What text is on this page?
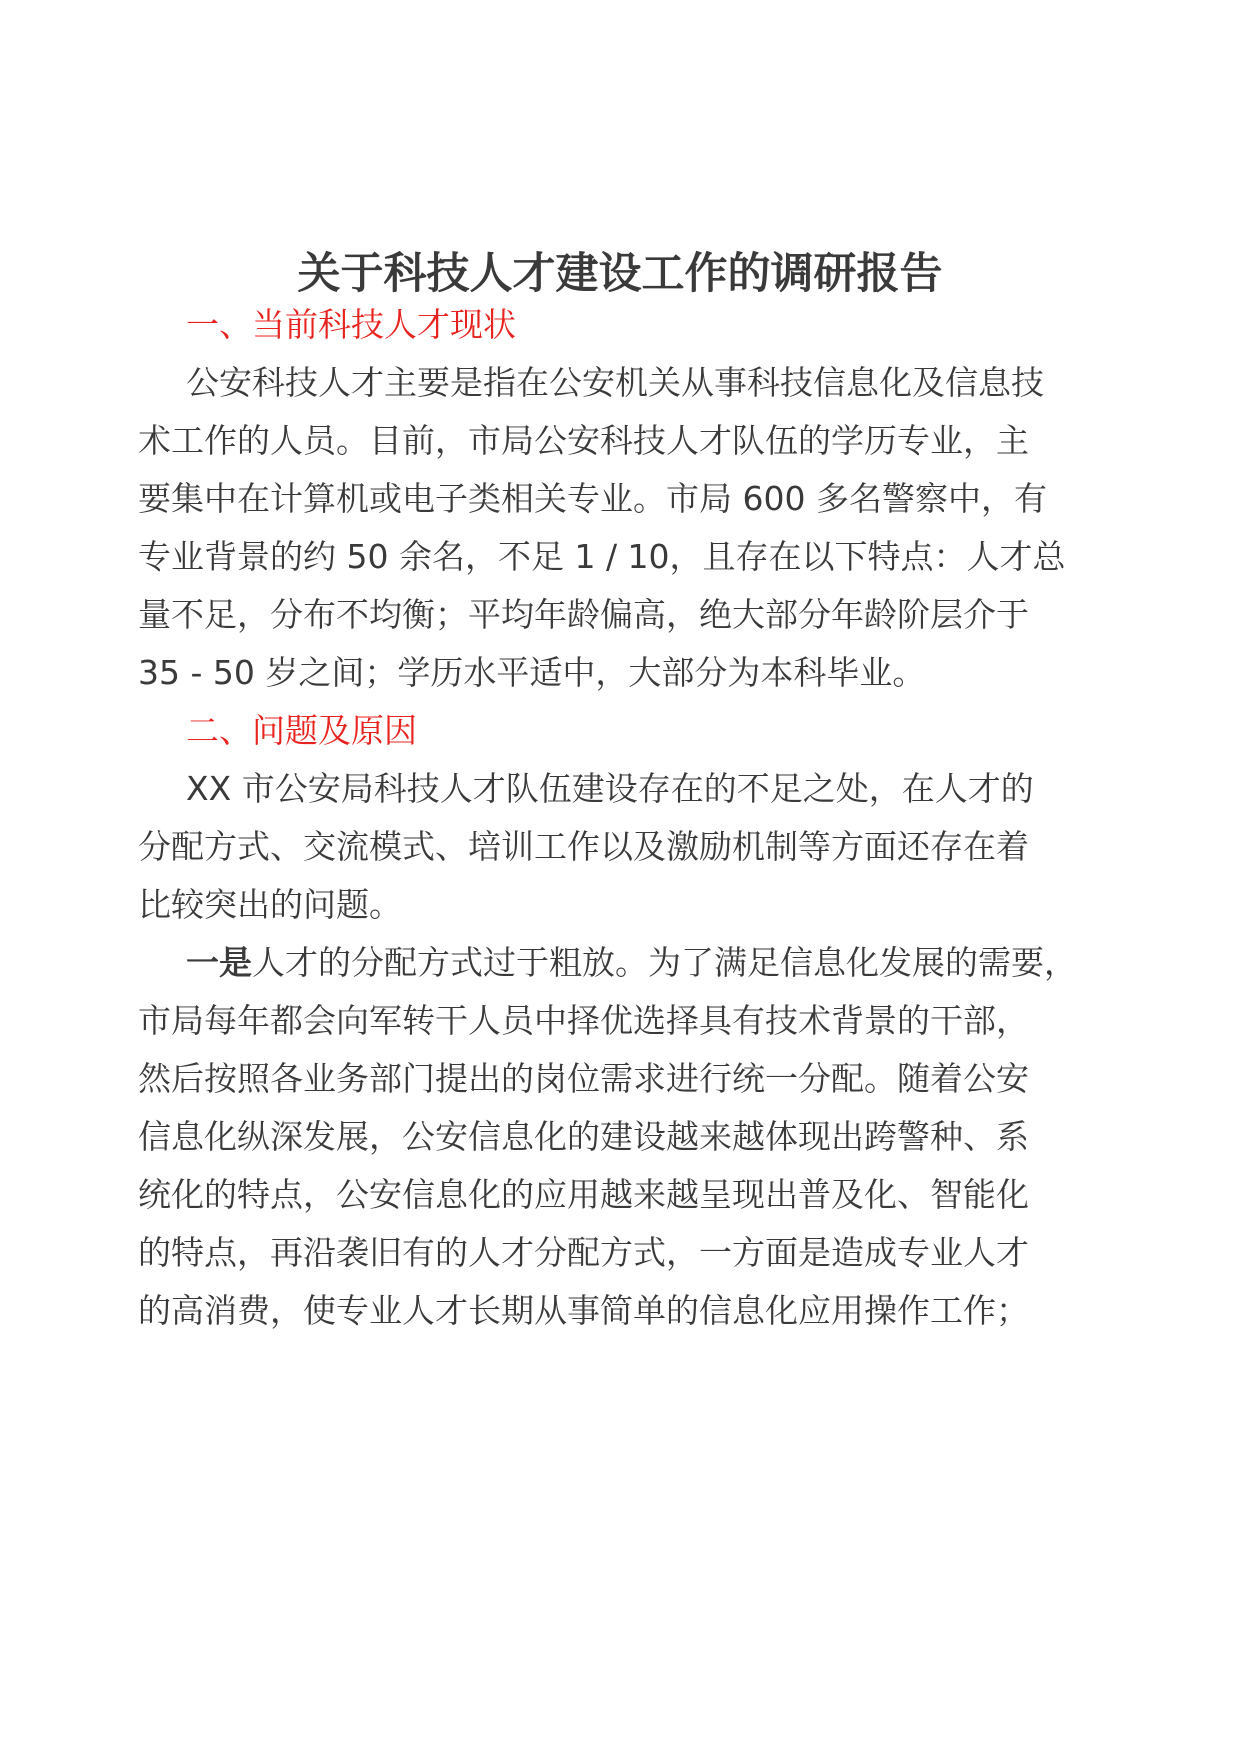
关于科技人才建设工作的调研报告
一、当前科技人才现状
公安科技人才主要是指在公安机关从事科技信息化及信息技
术工作的人员。目前，市局公安科技人才队伍的学历专业，主
要集中在计算机或电子类相关专业。市局 600 多名警察中，有
专业背景的约 50 余名，不足 1 / 10，且存在以下特点：人才总
量不足，分布不均衡；平均年龄偏高，绝大部分年龄阶层介于
35 - 50 岁之间；学历水平适中，大部分为本科毕业。
二、问题及原因
XX 市公安局科技人才队伍建设存在的不足之处，在人才的
分配方式、交流模式、培训工作以及激励机制等方面还存在着
比较突出的问题。
一是人才的分配方式过于粗放。为了满足信息化发展的需要，
市局每年都会向军转干人员中择优选择具有技术背景的干部，
然后按照各业务部门提出的岗位需求进行统一分配。随着公安
信息化纵深发展，公安信息化的建设越来越体现出跨警种、系
统化的特点，公安信息化的应用越来越呈现出普及化、智能化
的特点，再沿袭旧有的人才分配方式，一方面是造成专业人才
的高消费，使专业人才长期从事简单的信息化应用操作工作；
